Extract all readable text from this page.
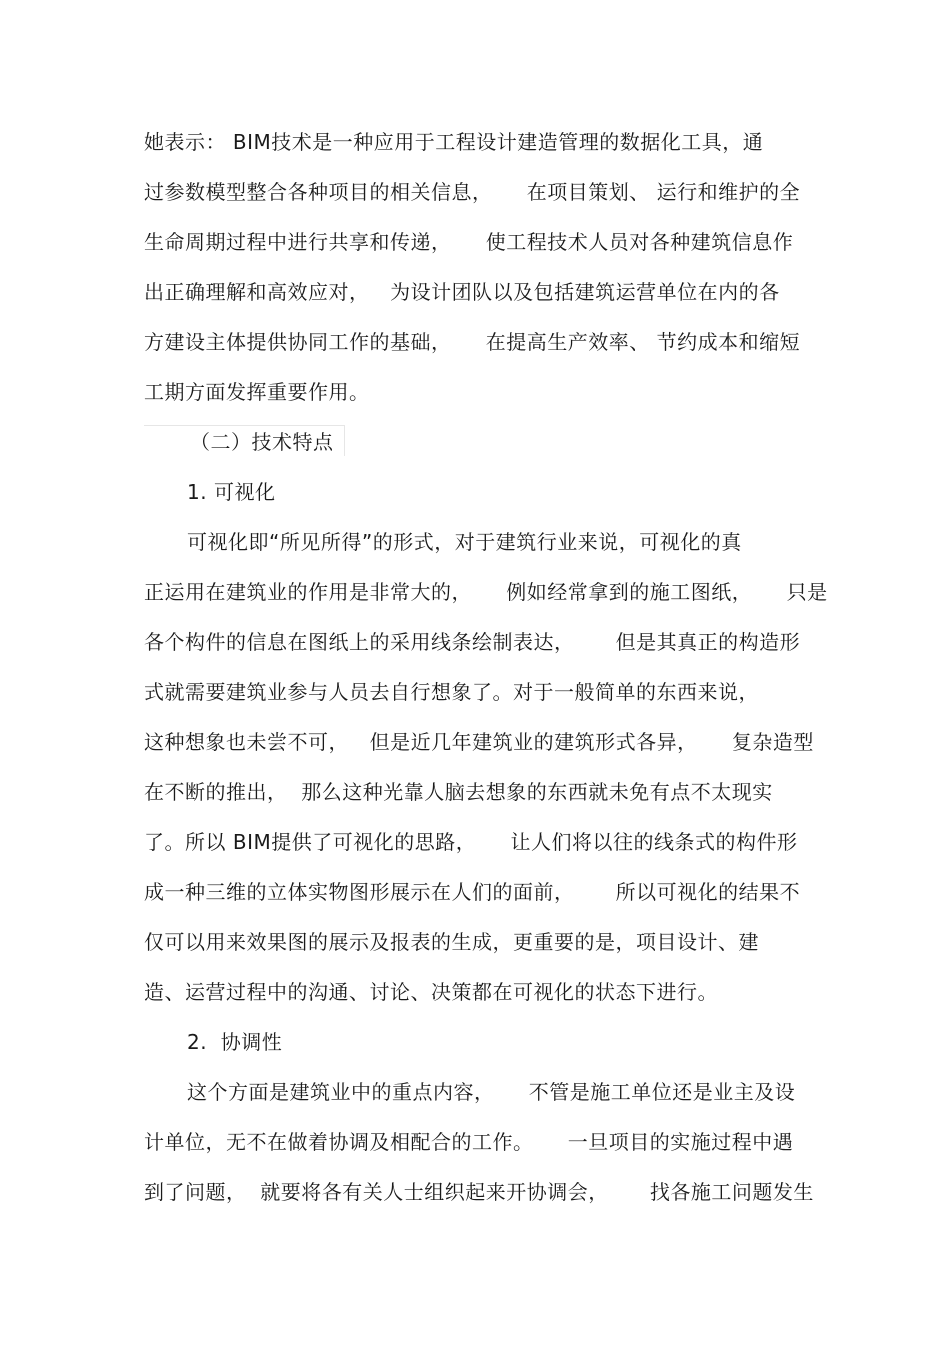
她表示： BIM技术是一种应用于工程设计建造管理的数据化工具，通
过参数模型整合各种项目的相关信息，     在项目策划、 运行和维护的全
生命周期过程中进行共享和传递，     使工程技术人员对各种建筑信息作
出正确理解和高效应对，   为设计团队以及包括建筑运营单位在内的各
方建设主体提供协同工作的基础，     在提高生产效率、 节约成本和缩短
工期方面发挥重要作用。
（二）技术特点
1. 可视化
可视化即“所见所得”的形式，对于建筑行业来说，可视化的真
正运用在建筑业的作用是非常大的，     例如经常拿到的施工图纸，     只是
各个构件的信息在图纸上的采用线条绘制表达，      但是其真正的构造形
式就需要建筑业参与人员去自行想象了。对于一般简单的东西来说，
这种想象也未尝不可，   但是近几年建筑业的建筑形式各异，     复杂造型
在不断的推出，  那么这种光靠人脑去想象的东西就未免有点不太现实
了。所以 BIM提供了可视化的思路，     让人们将以往的线条式的构件形
成一种三维的立体实物图形展示在人们的面前，      所以可视化的结果不
仅可以用来效果图的展示及报表的生成，更重要的是，项目设计、建
造、运营过程中的沟通、讨论、决策都在可视化的状态下进行。
2.  协调性
这个方面是建筑业中的重点内容，     不管是施工单位还是业主及设
计单位，无不在做着协调及相配合的工作。     一旦项目的实施过程中遇
到了问题，  就要将各有关人士组织起来开协调会，      找各施工问题发生
